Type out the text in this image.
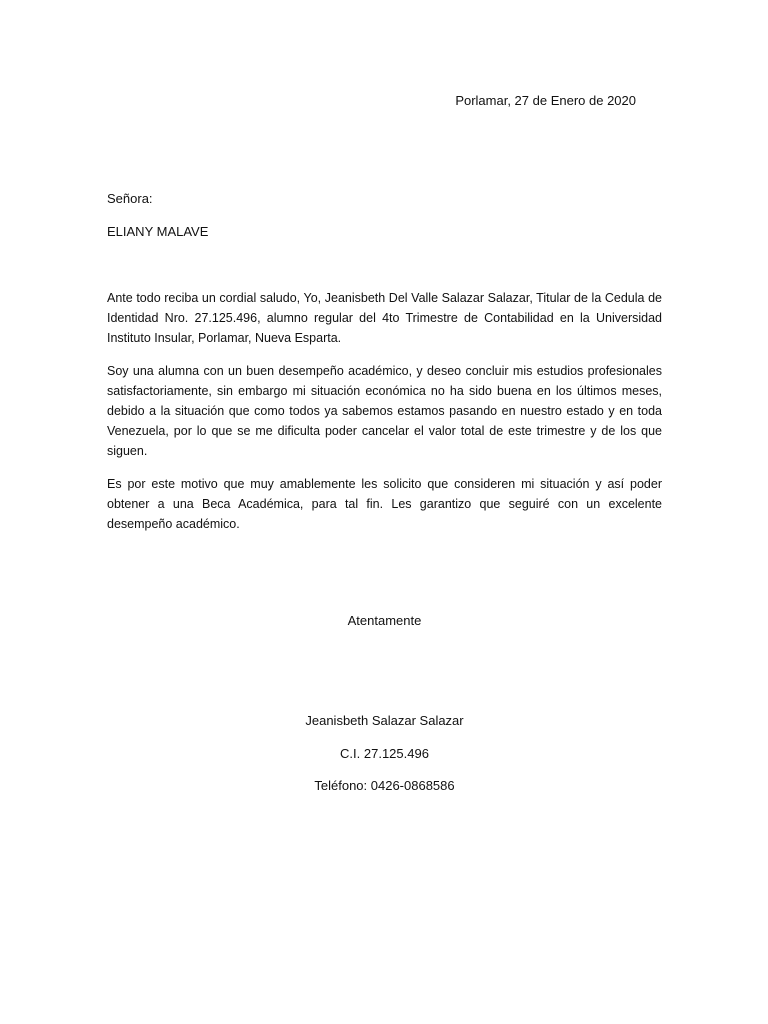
Porlamar, 27 de Enero de 2020
Señora:
ELIANY MALAVE

Ante todo reciba un cordial saludo, Yo, Jeanisbeth Del Valle Salazar Salazar, Titular de la Cedula de Identidad Nro. 27.125.496, alumno regular del 4to Trimestre de Contabilidad en la Universidad Instituto Insular, Porlamar, Nueva Esparta.

Soy una alumna con un buen desempeño académico, y deseo concluir mis estudios profesionales satisfactoriamente, sin embargo mi situación económica no ha sido buena en los últimos meses, debido a la situación que como todos ya sabemos estamos pasando en nuestro estado y en toda Venezuela, por lo que se me dificulta poder cancelar el valor total de este trimestre y de los que siguen.

Es por este motivo que muy amablemente les solicito que consideren mi situación y así poder obtener a una Beca Académica, para tal fin. Les garantizo que seguiré con un excelente desempeño académico.

Atentamente
Jeanisbeth Salazar Salazar
C.I. 27.125.496
Teléfono: 0426-0868586
